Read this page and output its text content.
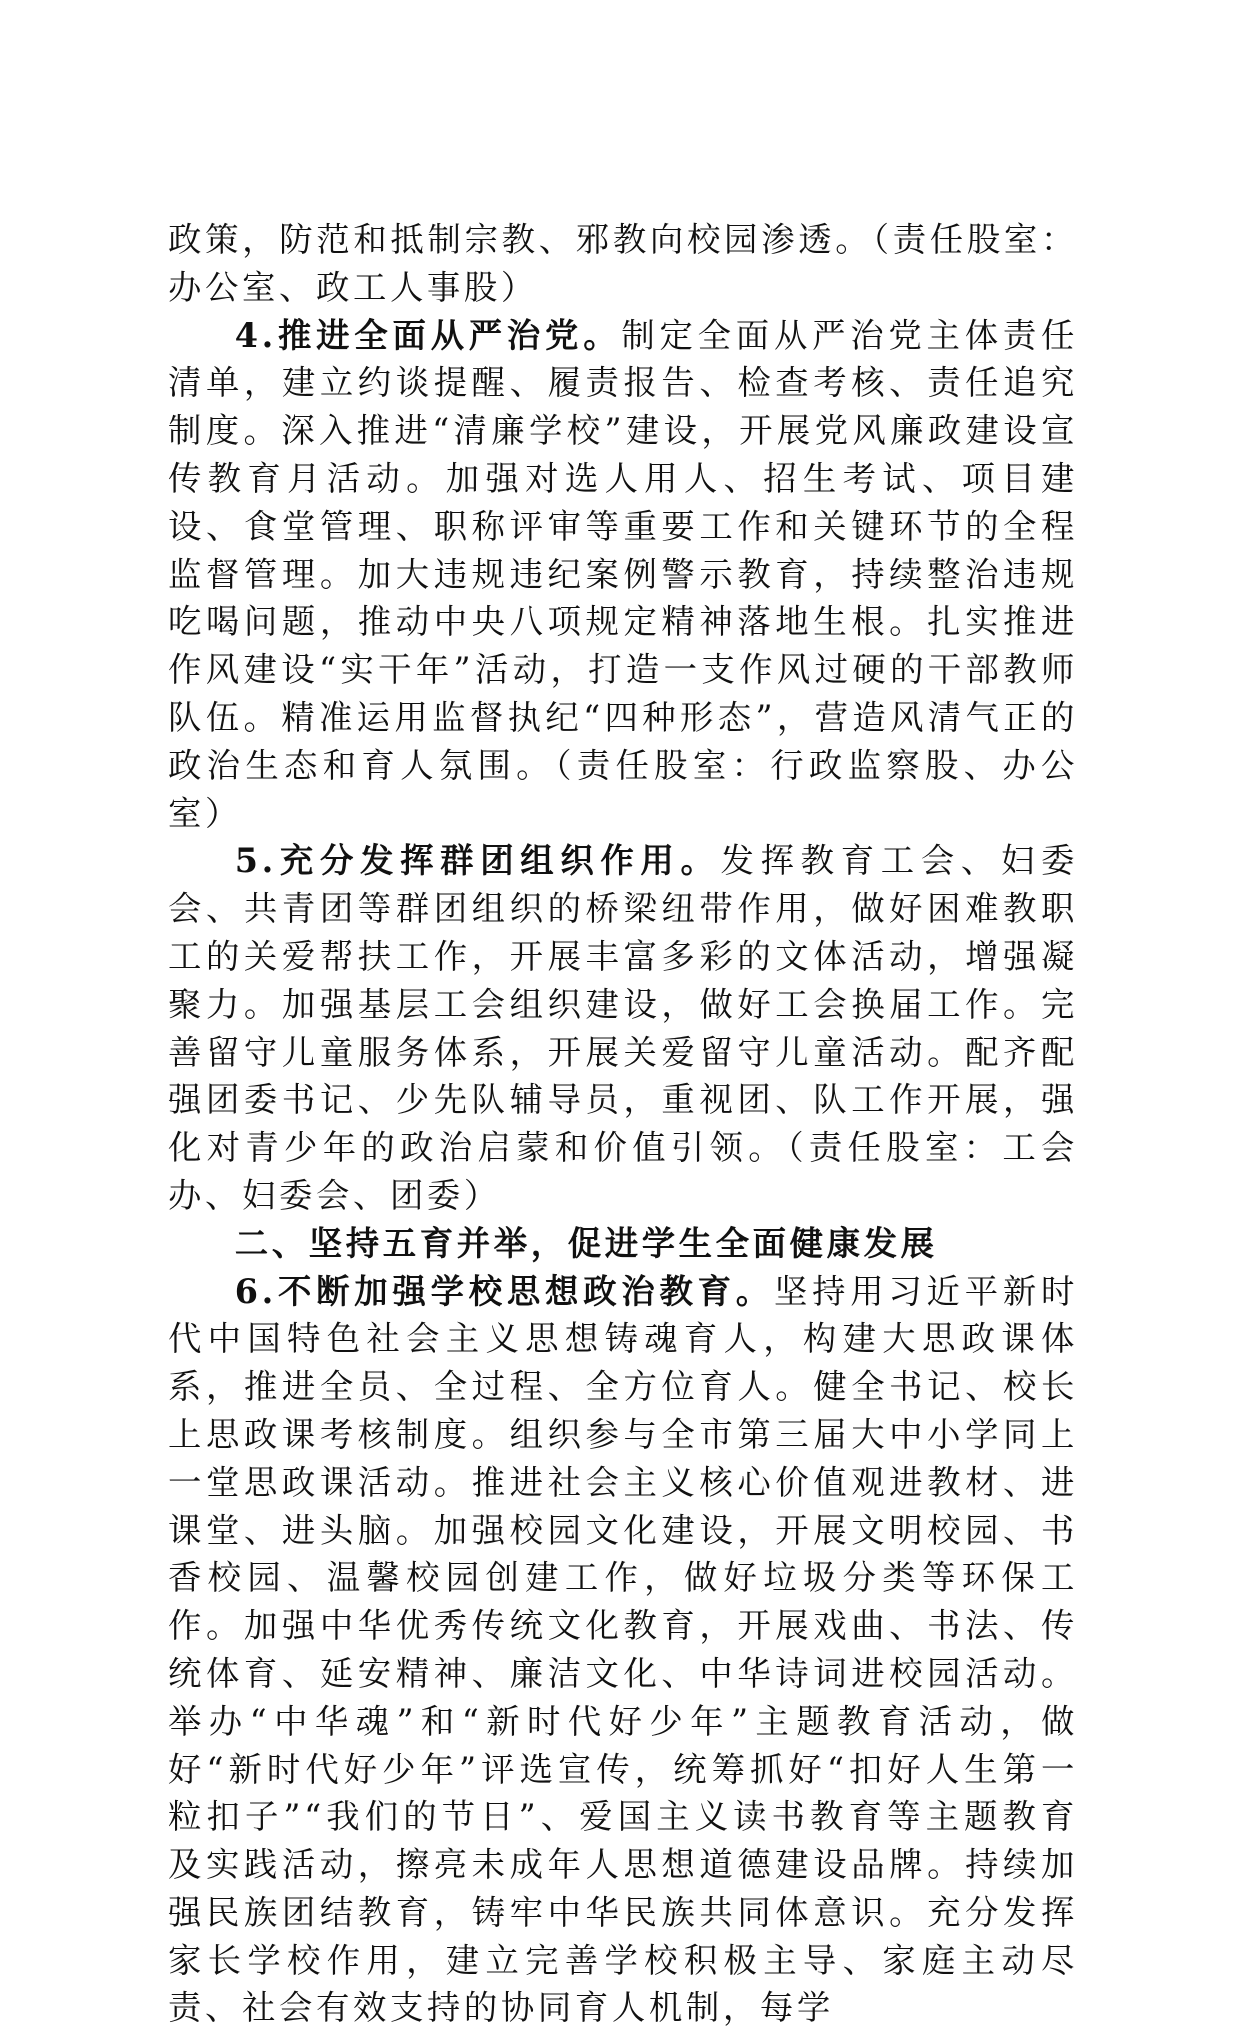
政策，防范和抵制宗教、邪教向校园渗透。（责任股室：办公室、政工人事股）

4.推进全面从严治党。制定全面从严治党主体责任清单，建立约谈提醒、履责报告、检查考核、责任追究制度。深入推进“清廉学校”建设，开展党风廉政建设宣传教育月活动。加强对选人用人、招生考试、项目建设、食堂管理、职称评审等重要工作和关键环节的全程监督管理。加大违规违纪案例警示教育，持续整治违规吃喝问题，推动中央八项规定精神落地生根。扎实推进作风建设“实干年”活动，打造一支作风过硬的干部教师队伍。精准运用监督执纪“四种形态”，营造风清气正的政治生态和育人氛围。（责任股室：行政监察股、办公室）

5.充分发挥群团组织作用。发挥教育工会、妇委会、共青团等群团组织的桥梁纽带作用，做好困难教职工的关爱帮扶工作，开展丰富多彩的文体活动，增强凝聚力。加强基层工会组织建设，做好工会换届工作。完善留守儿童服务体系，开展关爱留守儿童活动。配齐配强团委书记、少先队辅导员，重视团、队工作开展，强化对青少年的政治启蒙和价值引领。（责任股室：工会办、妇委会、团委）

二、坚持五育并举，促进学生全面健康发展

6.不断加强学校思想政治教育。坚持用习近平新时代中国特色社会主义思想铸魂育人，构建大思政课体系，推进全员、全过程、全方位育人。健全书记、校长上思政课考核制度。组织参与全市第三届大中小学同上一堂思政课活动。推进社会主义核心价值观进教材、进课堂、进头脑。加强校园文化建设，开展文明校园、书香校园、温馨校园创建工作，做好垃圾分类等环保工作。加强中华优秀传统文化教育，开展戏曲、书法、传统体育、延安精神、廉洁文化、中华诗词进校园活动。举办“中华魂”和“新时代好少年”主题教育活动，做好“新时代好少年”评选宣传，统筹抓好“扣好人生第一粒扣子”“我们的节日”、爱国主义读书教育等主题教育及实践活动，擦亮未成年人思想道德建设品牌。持续加强民族团结教育，铸牢中华民族共同体意识。充分发挥家长学校作用，建立完善学校积极主导、家庭主动尽责、社会有效支持的协同育人机制，每学
